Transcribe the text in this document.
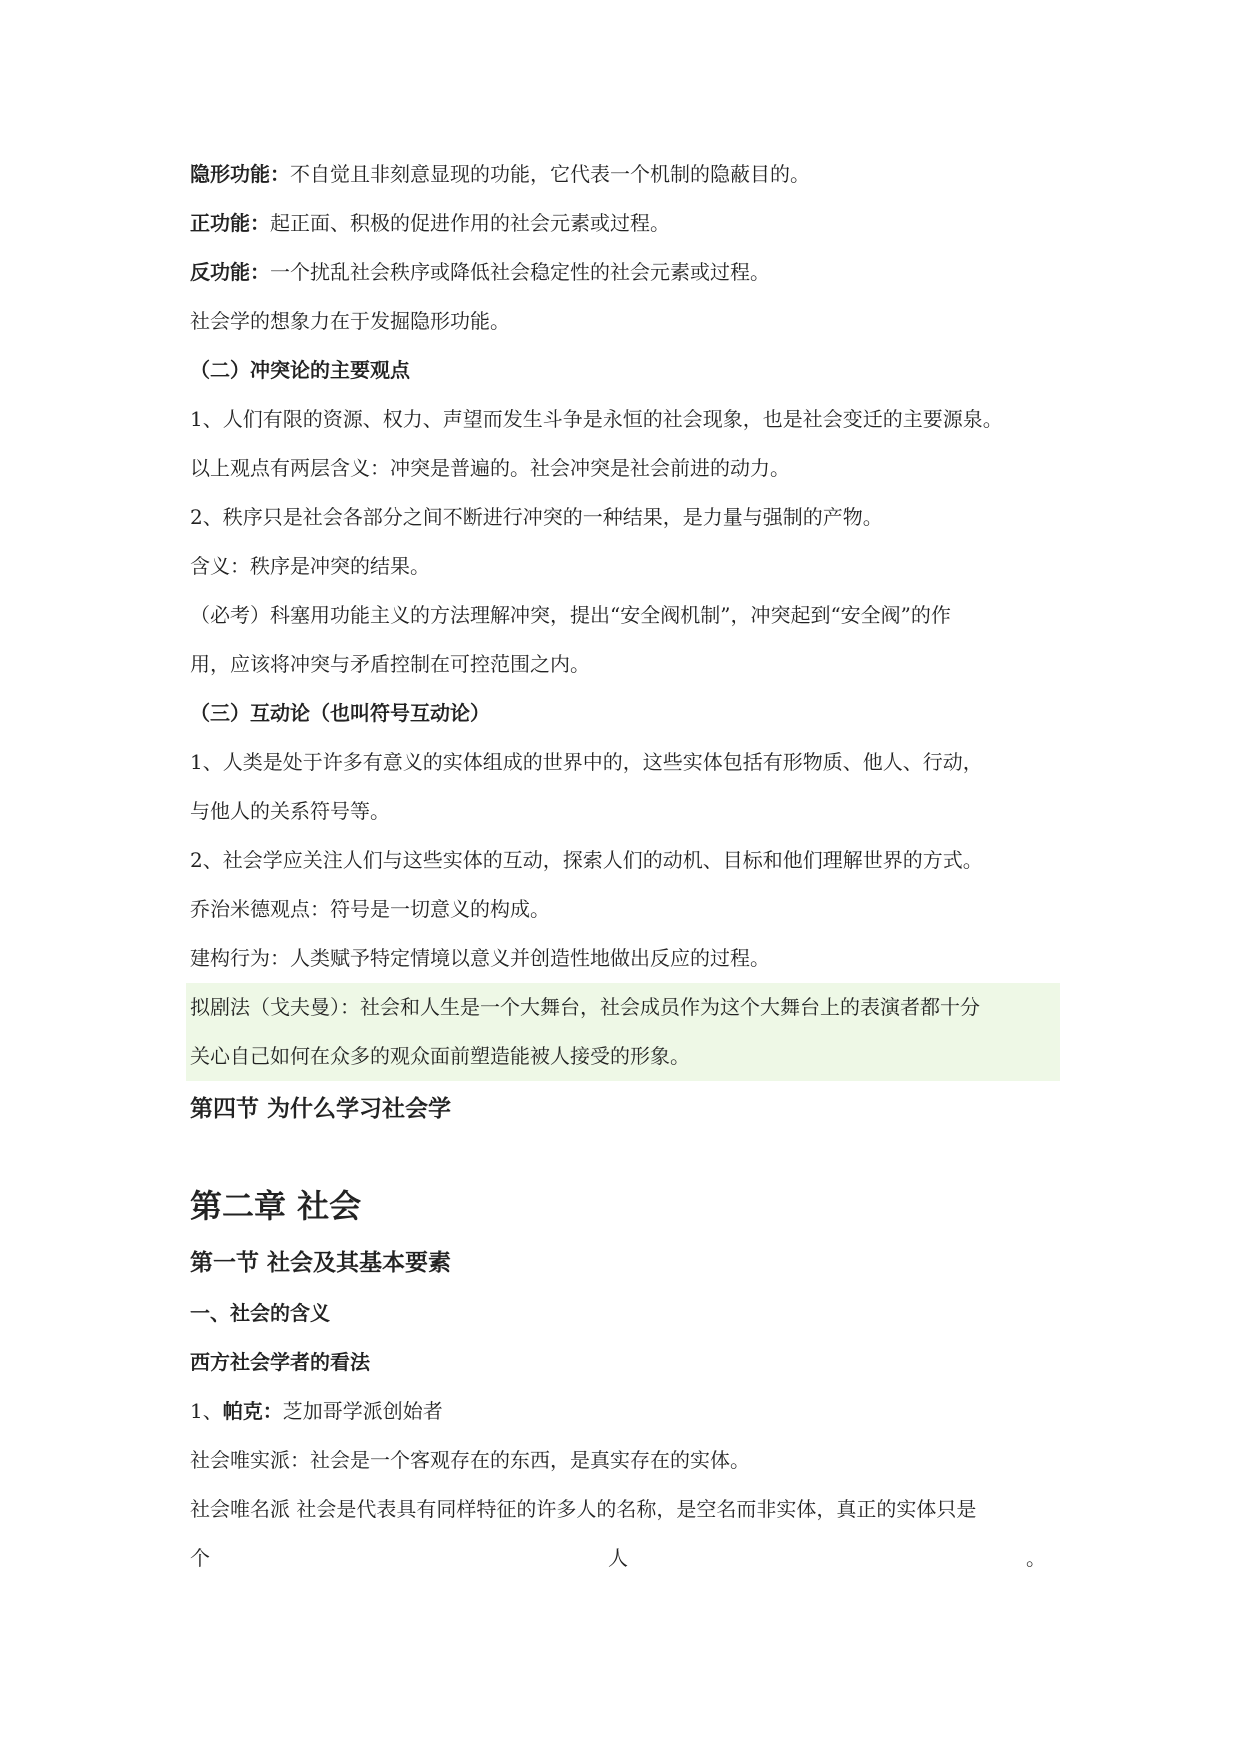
隐形功能：不自觉且非刻意显现的功能，它代表一个机制的隐蔽目的。
正功能：起正面、积极的促进作用的社会元素或过程。
反功能：一个扰乱社会秩序或降低社会稳定性的社会元素或过程。
社会学的想象力在于发掘隐形功能。
（二）冲突论的主要观点
1、人们有限的资源、权力、声望而发生斗争是永恒的社会现象，也是社会变迁的主要源泉。
以上观点有两层含义：冲突是普遍的。社会冲突是社会前进的动力。
2、秩序只是社会各部分之间不断进行冲突的一种结果，是力量与强制的产物。
含义：秩序是冲突的结果。
（必考）科塞用功能主义的方法理解冲突，提出“安全阀机制”，冲突起到“安全阀”的作
用，应该将冲突与矛盾控制在可控范围之内。
（三）互动论（也叫符号互动论）
1、人类是处于许多有意义的实体组成的世界中的，这些实体包括有形物质、他人、行动，
与他人的关系符号等。
2、社会学应关注人们与这些实体的互动，探索人们的动机、目标和他们理解世界的方式。
乔治米德观点：符号是一切意义的构成。
建构行为：人类赋予特定情境以意义并创造性地做出反应的过程。
拟剧法（戈夫曼）：社会和人生是一个大舞台，社会成员作为这个大舞台上的表演者都十分
关心自己如何在众多的观众面前塑造能被人接受的形象。
第四节 为什么学习社会学
第二章 社会
第一节 社会及其基本要素
一、社会的含义
西方社会学者的看法
1、帕克：芝加哥学派创始者
社会唯实派：社会是一个客观存在的东西，是真实存在的实体。
社会唯名派 社会是代表具有同样特征的许多人的名称，是空名而非实体，真正的实体只是
个	人	。
